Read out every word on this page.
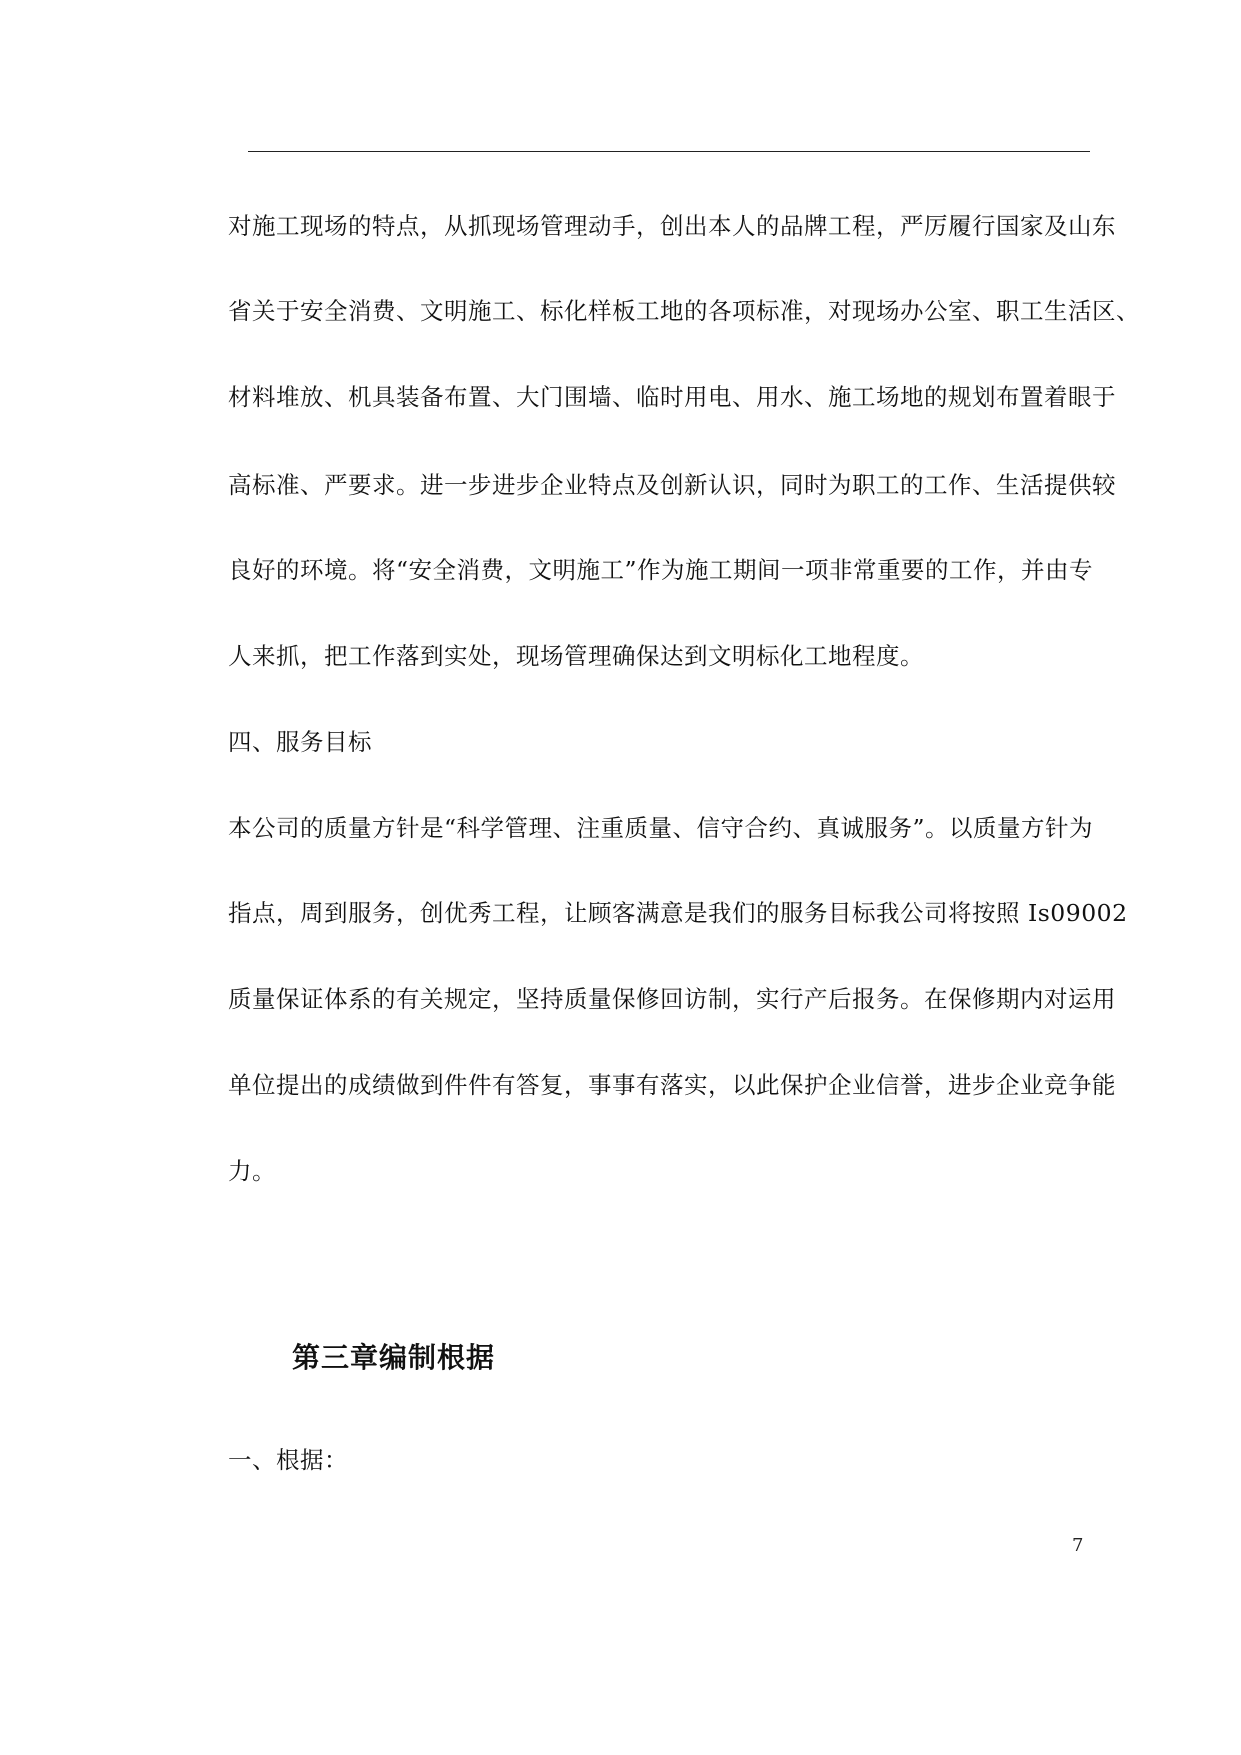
对施工现场的特点，从抓现场管理动手，创出本人的品牌工程，严厉履行国家及山东
省关于安全消费、文明施工、标化样板工地的各项标准，对现场办公室、职工生活区、
材料堆放、机具装备布置、大门围墙、临时用电、用水、施工场地的规划布置着眼于
高标准、严要求。进一步进步企业特点及创新认识，同时为职工的工作、生活提供较
良好的环境。将“安全消费，文明施工”作为施工期间一项非常重要的工作，并由专
人来抓，把工作落到实处，现场管理确保达到文明标化工地程度。
四、服务目标
本公司的质量方针是“科学管理、注重质量、信守合约、真诚服务”。以质量方针为
指点，周到服务，创优秀工程，让顾客满意是我们的服务目标我公司将按照 Is09002
质量保证体系的有关规定，坚持质量保修回访制，实行产后报务。在保修期内对运用
单位提出的成绩做到件件有答复，事事有落实，以此保护企业信誉，进步企业竞争能
力。
第三章编制根据
一、根据：
7
